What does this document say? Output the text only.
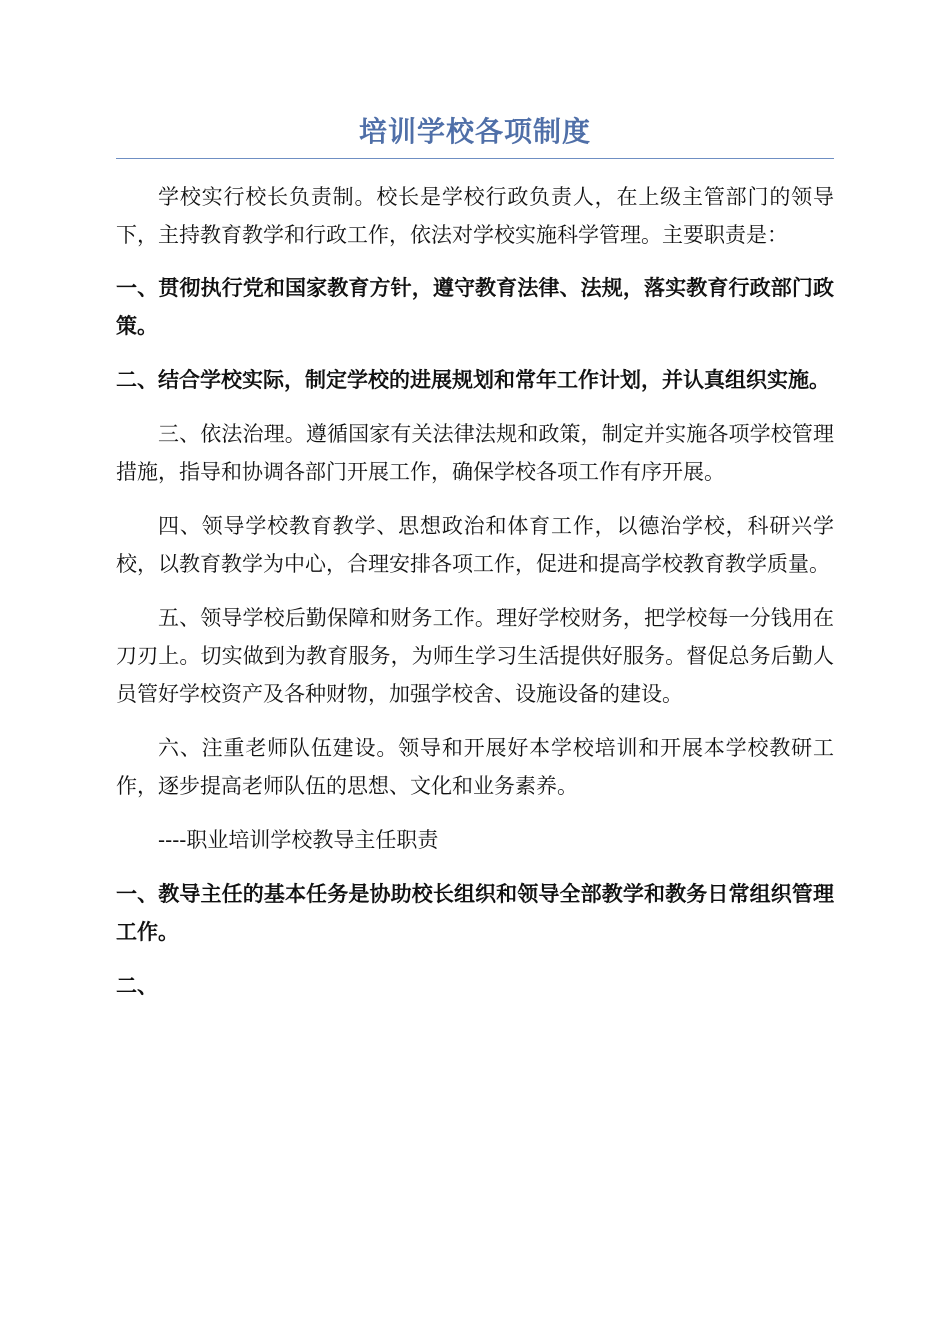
培训学校各项制度

学校实行校长负责制。校长是学校行政负责人，在上级主管部门的领导下，主持教育教学和行政工作，依法对学校实施科学管理。主要职责是：

一、贯彻执行党和国家教育方针，遵守教育法律、法规，落实教育行政部门政策。

二、结合学校实际，制定学校的进展规划和常年工作计划，并认真组织实施。

三、依法治理。遵循国家有关法律法规和政策，制定并实施各项学校管理措施，指导和协调各部门开展工作，确保学校各项工作有序开展。

四、领导学校教育教学、思想政治和体育工作，以德治学校，科研兴学校，以教育教学为中心，合理安排各项工作，促进和提高学校教育教学质量。

五、领导学校后勤保障和财务工作。理好学校财务，把学校每一分钱用在刀刃上。切实做到为教育服务，为师生学习生活提供好服务。督促总务后勤人员管好学校资产及各种财物，加强学校舍、设施设备的建设。

六、注重老师队伍建设。领导和开展好本学校培训和开展本学校教研工作，逐步提高老师队伍的思想、文化和业务素养。

----职业培训学校教导主任职责

一、教导主任的基本任务是协助校长组织和领导全部教学和教务日常组织管理工作。

二、
